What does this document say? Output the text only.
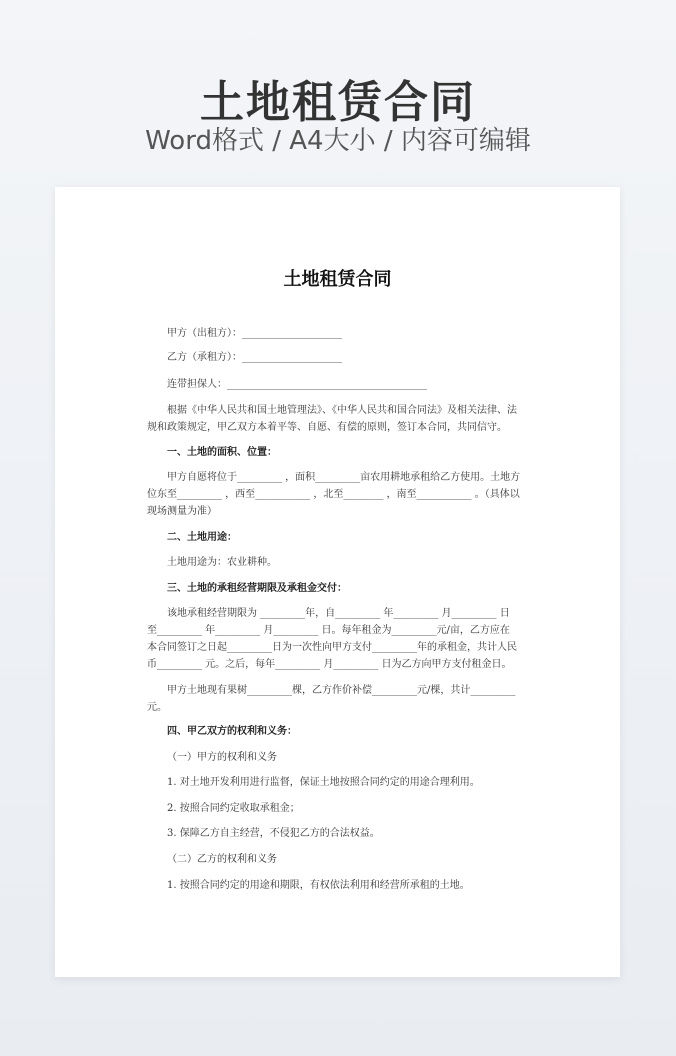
土地租赁合同
Word格式 / A4大小 / 内容可编辑
土地租赁合同
甲方（出租方）：____________________
乙方（承租方）：____________________
连带担保人：________________________________________
根据《中华人民共和国土地管理法》、《中华人民共和国合同法》及相关法律、法
规和政策规定，甲乙双方本着平等、自愿、有偿的原则，签订本合同，共同信守。
一、土地的面积、位置：
甲方自愿将位于_________ ，面积_________亩农用耕地承租给乙方使用。土地方
位东至_________ ，西至___________ ，北至________ ，南至___________ 。（具体以
现场测量为准）
二、土地用途：
土地用途为：农业耕种。
三、土地的承租经营期限及承租金交付：
该地承租经营期限为 _________年，自_________ 年_________ 月_________ 日
至_________ 年_________ 月_________ 日。每年租金为_________元/亩，乙方应在
本合同签订之日起_________日为一次性向甲方支付_________年的承租金，共计人民
币_________ 元。之后，每年_________ 月_________ 日为乙方向甲方支付租金日。
甲方土地现有果树_________棵，乙方作价补偿_________元/棵，共计_________
元。
四、甲乙双方的权利和义务：
（一）甲方的权利和义务
1. 对土地开发利用进行监督，保证土地按照合同约定的用途合理利用。
2. 按照合同约定收取承租金；
3. 保障乙方自主经营，不侵犯乙方的合法权益。
（二）乙方的权利和义务
1. 按照合同约定的用途和期限，有权依法利用和经营所承租的土地。
